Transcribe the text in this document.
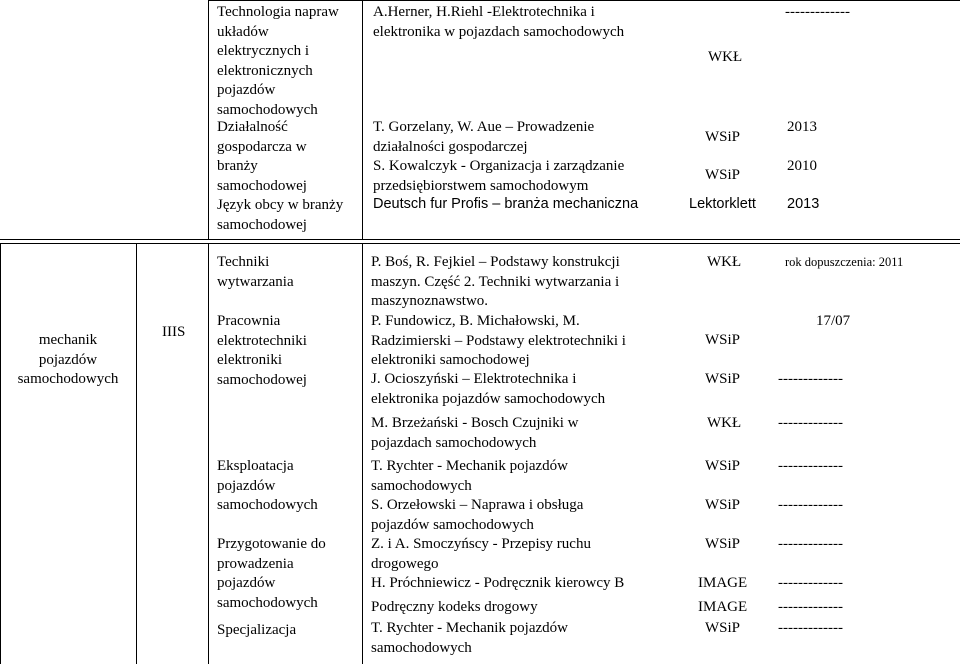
Technologia napraw
układów
elektrycznych i
elektronicznych
pojazdów
samochodowych
Działalność
gospodarcza w
branży
samochodowej
Język obcy w branży
samochodowej
A.Herner, H.Riehl -Elektrotechnika i
elektronika w pojazdach samochodowych
T. Gorzelany, W. Aue – Prowadzenie
działalności gospodarczej
S. Kowalczyk - Organizacja i zarządzanie
przedsiębiorstwem samochodowym
Deutsch fur Profis – branża mechaniczna
WKŁ
WSiP
WSiP
Lektorklett
-------------
2013
2010
2013
mechanik
pojazdów
samochodowych
IIIS
Techniki
wytwarzania
Pracownia
elektrotechniki
elektroniki
samochodowej
Eksploatacja
pojazdów
samochodowych
Przygotowanie do
prowadzenia
pojazdów
samochodowych
Specjalizacja
P. Boś, R. Fejkiel – Podstawy konstrukcji
maszyn. Część 2. Techniki wytwarzania i
maszynoznawstwo.
P. Fundowicz, B. Michałowski, M.
Radzimierski – Podstawy elektrotechniki i
elektroniki samochodowej
J. Ocioszyński – Elektrotechnika i
elektronika pojazdów samochodowych
M. Brzeżański - Bosch Czujniki w
pojazdach samochodowych
T. Rychter - Mechanik pojazdów
samochodowych
S. Orzełowski – Naprawa i obsługa
pojazdów samochodowych
Z. i A. Smoczyńscy - Przepisy ruchu
drogowego
H. Próchniewicz - Podręcznik kierowcy B
Podręczny kodeks drogowy
T. Rychter - Mechanik pojazdów
samochodowych
WKŁ
WSiP
WSiP
WKŁ
WSiP
WSiP
WSiP
IMAGE
IMAGE
WSiP
rok dopuszczenia: 2011
17/07
-------------
-------------
-------------
-------------
-------------
-------------
-------------
-------------
